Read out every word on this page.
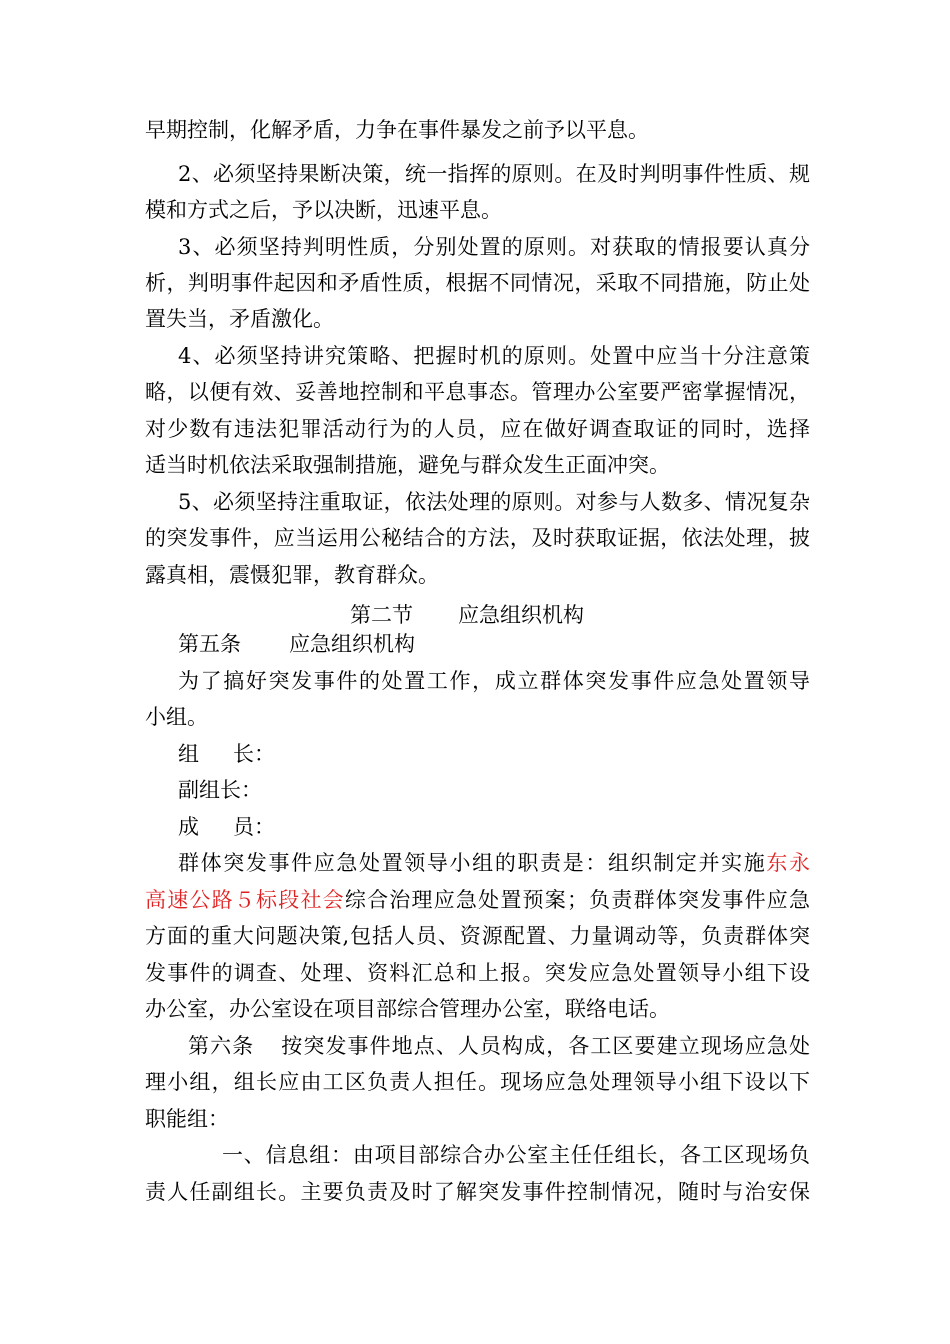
早期控制，化解矛盾，力争在事件暴发之前予以平息。
2、必须坚持果断决策，统一指挥的原则。在及时判明事件性质、规
模和方式之后，予以决断，迅速平息。
3、必须坚持判明性质，分别处置的原则。对获取的情报要认真分
析，判明事件起因和矛盾性质，根据不同情况，采取不同措施，防止处
置失当，矛盾激化。
4、必须坚持讲究策略、把握时机的原则。处置中应当十分注意策
略，以便有效、妥善地控制和平息事态。管理办公室要严密掌握情况，
对少数有违法犯罪活动行为的人员，应在做好调查取证的同时，选择
适当时机依法采取强制措施，避免与群众发生正面冲突。
5、必须坚持注重取证，依法处理的原则。对参与人数多、情况复杂
的突发事件，应当运用公秘结合的方法，及时获取证据，依法处理，披
露真相，震慑犯罪，教育群众。
第二节 应急组织机构
第五条 应急组织机构
为了搞好突发事件的处置工作，成立群体突发事件应急处置领导
小组。
组 长：
副组长：
成 员：
群体突发事件应急处置领导小组的职责是：组织制定并实施东永
高速公路５标段社会综合治理应急处置预案；负责群体突发事件应急
方面的重大问题决策,包括人员、资源配置、力量调动等，负责群体突
发事件的调查、处理、资料汇总和上报。突发应急处置领导小组下设
办公室，办公室设在项目部综合管理办公室，联络电话。
第六条 按突发事件地点、人员构成，各工区要建立现场应急处
理小组，组长应由工区负责人担任。现场应急处理领导小组下设以下
职能组：
一、信息组：由项目部综合办公室主任任组长，各工区现场负
责人任副组长。主要负责及时了解突发事件控制情况，随时与治安保
